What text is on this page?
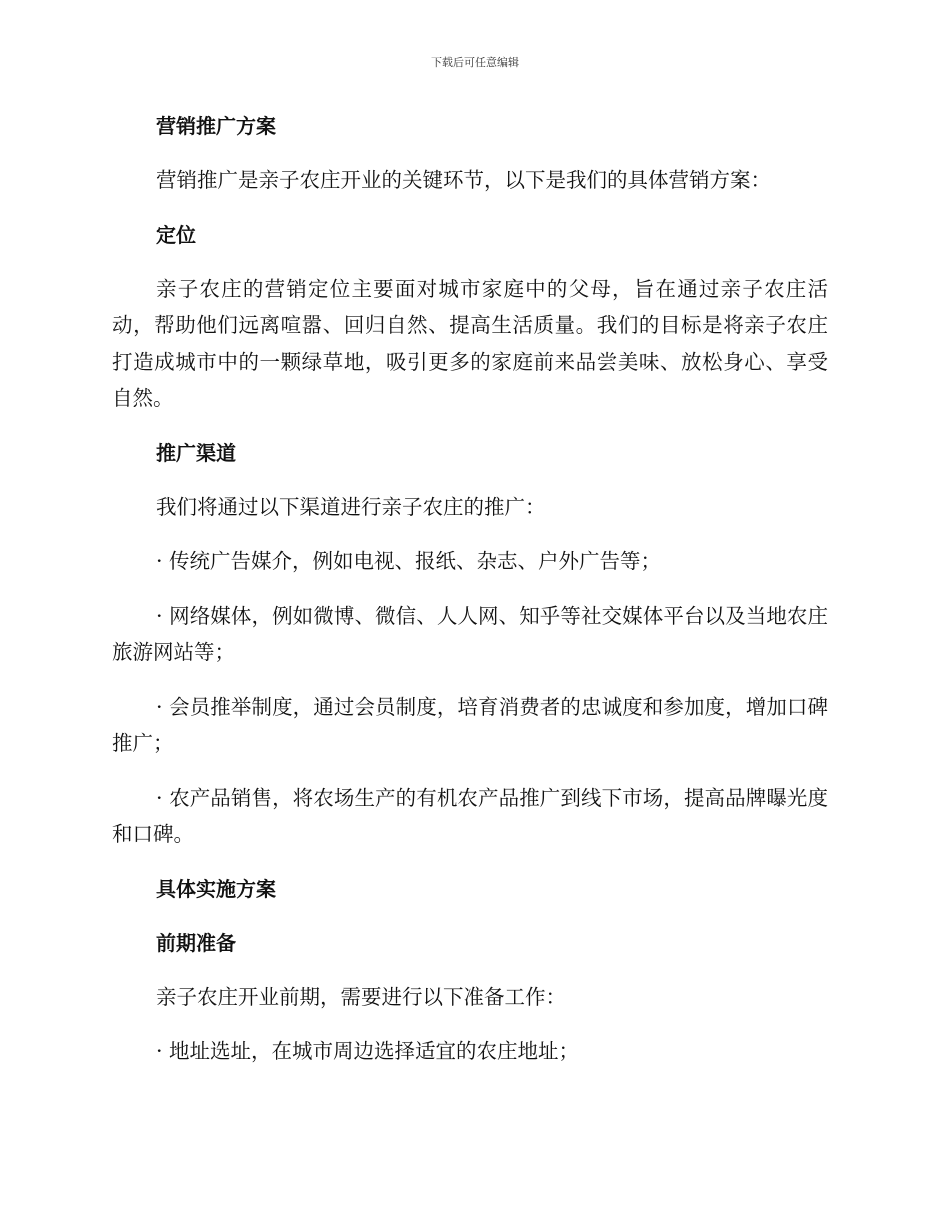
下载后可任意编辑
营销推广方案

营销推广是亲子农庄开业的关键环节，以下是我们的具体营销方案：

定位

亲子农庄的营销定位主要面对城市家庭中的父母，旨在通过亲子农庄活动，帮助他们远离喧嚣、回归自然、提高生活质量。我们的目标是将亲子农庄打造成城市中的一颗绿草地，吸引更多的家庭前来品尝美味、放松身心、享受自然。

推广渠道

我们将通过以下渠道进行亲子农庄的推广：

· 传统广告媒介，例如电视、报纸、杂志、户外广告等；

· 网络媒体，例如微博、微信、人人网、知乎等社交媒体平台以及当地农庄旅游网站等；

· 会员推举制度，通过会员制度，培育消费者的忠诚度和参加度，增加口碑推广；

· 农产品销售，将农场生产的有机农产品推广到线下市场，提高品牌曝光度和口碑。

具体实施方案
前期准备

亲子农庄开业前期，需要进行以下准备工作：

· 地址选址，在城市周边选择适宜的农庄地址；
